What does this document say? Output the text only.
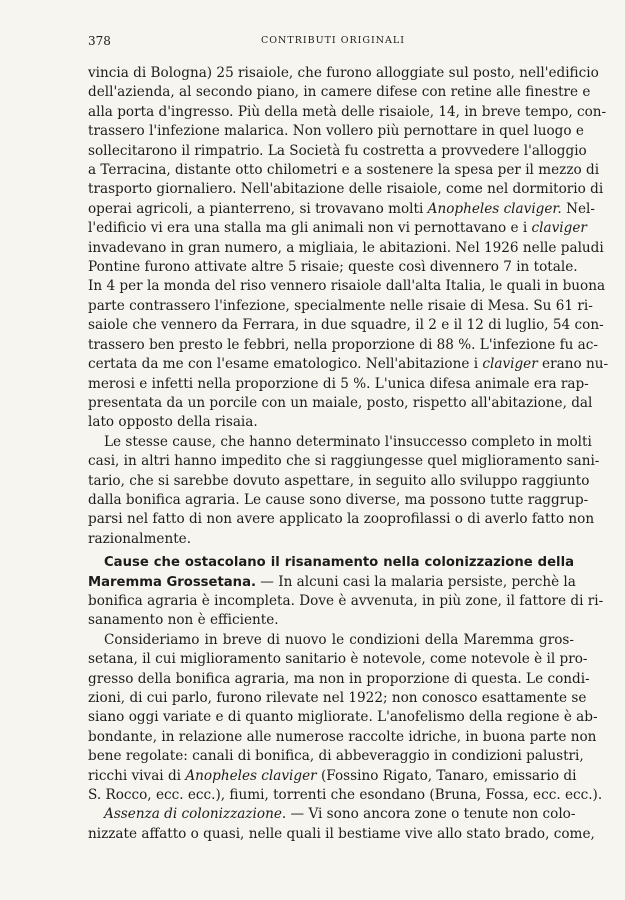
378	CONTRIBUTI ORIGINALI

vincia di Bologna) 25 risaiole, che furono alloggiate sul posto, nell'edificio
dell'azienda, al secondo piano, in camere difese con retine alle finestre e
alla porta d'ingresso. Più della metà delle risaiole, 14, in breve tempo, con-
trassero l'infezione malarica. Non vollero più pernottare in quel luogo e
sollecitarono il rimpatrio. La Società fu costretta a provvedere l'alloggio
a Terracina, distante otto chilometri e a sostenere la spesa per il mezzo di
trasporto giornaliero. Nell'abitazione delle risaiole, come nel dormitorio di
operai agricoli, a pianterreno, si trovavano molti Anopheles claviger. Nel-
l'edificio vi era una stalla ma gli animali non vi pernottavano e i claviger
invadevano in gran numero, a migliaia, le abitazioni. Nel 1926 nelle paludi
Pontine furono attivate altre 5 risaie; queste così divennero 7 in totale.
In 4 per la monda del riso vennero risaiole dall'alta Italia, le quali in buona
parte contrassero l'infezione, specialmente nelle risaie di Mesa. Su 61 ri-
saiole che vennero da Ferrara, in due squadre, il 2 e il 12 di luglio, 54 con-
trassero ben presto le febbri, nella proporzione di 88 %. L'infezione fu ac-
certata da me con l'esame ematologico. Nell'abitazione i claviger erano nu-
merosi e infetti nella proporzione di 5 %. L'unica difesa animale era rap-
presentata da un porcile con un maiale, posto, rispetto all'abitazione, dal
lato opposto della risaia.

Le stesse cause, che hanno determinato l'insuccesso completo in molti
casi, in altri hanno impedito che si raggiungesse quel miglioramento sani-
tario, che si sarebbe dovuto aspettare, in seguito allo sviluppo raggiunto
dalla bonifica agraria. Le cause sono diverse, ma possono tutte raggrup-
parsi nel fatto di non avere applicato la zooprofilassi o di averlo fatto non
razionalmente.

Cause che ostacolano il risanamento nella colonizzazione della
Maremma Grossetana. — In alcuni casi la malaria persiste, perchè la
bonifica agraria è incompleta. Dove è avvenuta, in più zone, il fattore di ri-
sanamento non è efficiente.

Consideriamo in breve di nuovo le condizioni della Maremma gros-
setana, il cui miglioramento sanitario è notevole, come notevole è il pro-
gresso della bonifica agraria, ma non in proporzione di questa. Le condi-
zioni, di cui parlo, furono rilevate nel 1922; non conosco esattamente se
siano oggi variate e di quanto migliorate. L'anofelismo della regione è ab-
bondante, in relazione alle numerose raccolte idriche, in buona parte non
bene regolate: canali di bonifica, di abbeveraggio in condizioni palustri,
ricchi vivai di Anopheles claviger (Fossino Rigato, Tanaro, emissario di
S. Rocco, ecc. ecc.), fiumi, torrenti che esondano (Bruna, Fossa, ecc. ecc.).

Assenza di colonizzazione. — Vi sono ancora zone o tenute non colo-
nizzate affatto o quasi, nelle quali il bestiame vive allo stato brado, come,
